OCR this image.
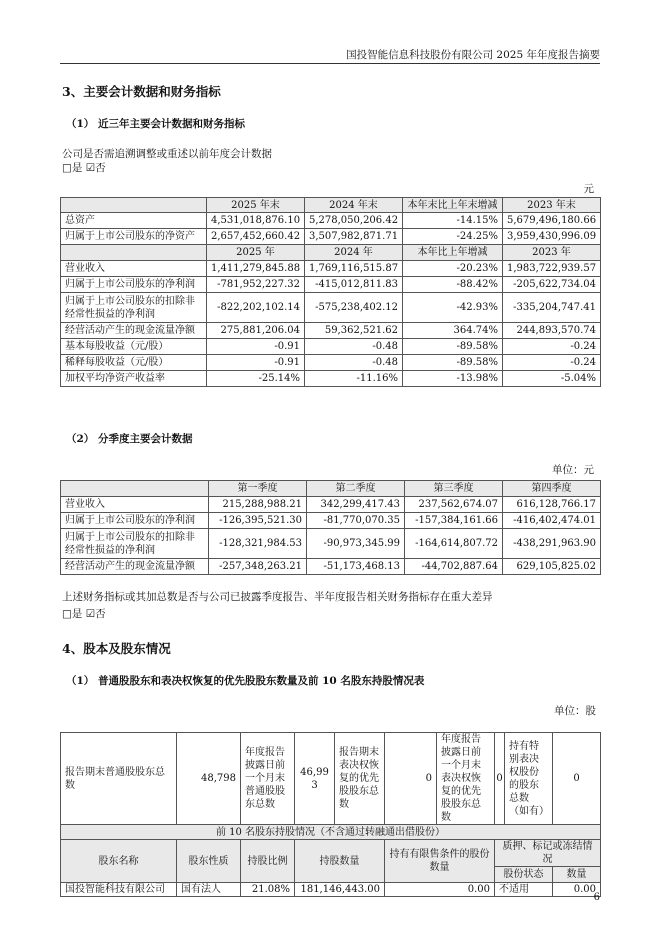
国投智能信息科技股份有限公司 2025 年年度报告摘要
3、主要会计数据和财务指标
（1） 近三年主要会计数据和财务指标
公司是否需追溯调整或重述以前年度会计数据
□是 ☑否
元
	2025 年末	2024 年末	本年末比上年末增减	2023 年末
总资产	4,531,018,876.10	5,278,050,206.42	-14.15%	5,679,496,180.66
归属于上市公司股东的净资产	2,657,452,660.42	3,507,982,871.71	-24.25%	3,959,430,996.09
	2025 年	2024 年	本年比上年增减	2023 年
营业收入	1,411,279,845.88	1,769,116,515.87	-20.23%	1,983,722,939.57
归属于上市公司股东的净利润	-781,952,227.32	-415,012,811.83	-88.42%	-205,622,734.04
归属于上市公司股东的扣除非经常性损益的净利润	-822,202,102.14	-575,238,402.12	-42.93%	-335,204,747.41
经营活动产生的现金流量净额	275,881,206.04	59,362,521.62	364.74%	244,893,570.74
基本每股收益（元/股）	-0.91	-0.48	-89.58%	-0.24
稀释每股收益（元/股）	-0.91	-0.48	-89.58%	-0.24
加权平均净资产收益率	-25.14%	-11.16%	-13.98%	-5.04%
（2） 分季度主要会计数据
单位：元
	第一季度	第二季度	第三季度	第四季度
营业收入	215,288,988.21	342,299,417.43	237,562,674.07	616,128,766.17
归属于上市公司股东的净利润	-126,395,521.30	-81,770,070.35	-157,384,161.66	-416,402,474.01
归属于上市公司股东的扣除非经常性损益的净利润	-128,321,984.53	-90,973,345.99	-164,614,807.72	-438,291,963.90
经营活动产生的现金流量净额	-257,348,263.21	-51,173,468.13	-44,702,887.64	629,105,825.02
上述财务指标或其加总数是否与公司已披露季度报告、半年度报告相关财务指标存在重大差异
□是 ☑否
4、股本及股东情况
（1） 普通股股东和表决权恢复的优先股股东数量及前 10 名股东持股情况表
单位：股
报告期末普通股股东总数	48,798	年度报告披露日前一个月末普通股股东总数	46,993	报告期末表决权恢复的优先股股东总数	0	年度报告披露日前一个月末表决权恢复的优先股股东总数	0	持有特别表决权股份的股东总数（如有）	0
前 10 名股东持股情况（不含通过转融通出借股份）									
股东名称	股东性质	持股比例	持股数量		持有有限售条件的股份数量		质押、标记或冻结情况		
							股份状态		数量
国投智能科技有限公司	国有法人	21.08%	181,146,443.00		0.00		不适用		0.00
6
